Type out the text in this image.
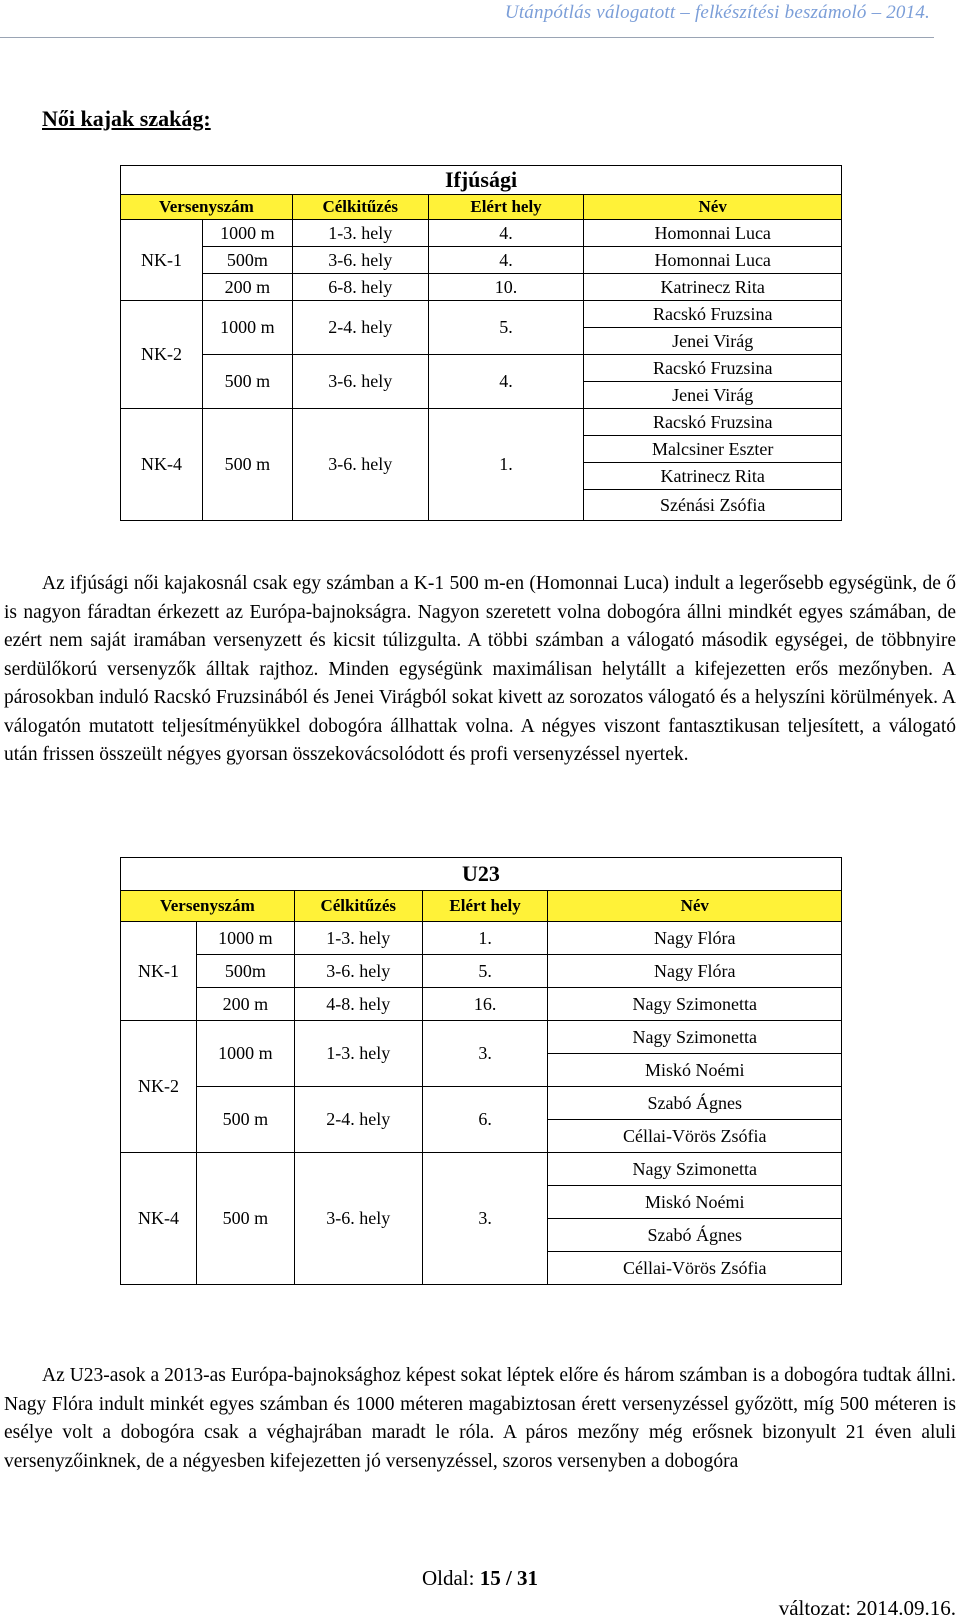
Utánpótlás válogatott – felkészítési beszámoló – 2014.
Női kajak szakág:
Ifjúsági				
Versenyszám		Célkitűzés	Elért hely	Név
NK-1	1000 m	1-3. hely	4.	Homonnai Luca
	500m	3-6. hely	4.	Homonnai Luca
	200 m	6-8. hely	10.	Katrinecz Rita
NK-2	1000 m	2-4. hely	5.	Racskó Fruzsina
				Jenei Virág
	500 m	3-6. hely	4.	Racskó Fruzsina
				Jenei Virág
NK-4	500 m	3-6. hely	1.	Racskó Fruzsina
				Malcsiner Eszter
				Katrinecz Rita
				Szénási Zsófia

Az ifjúsági női kajakosnál csak egy számban a K-1 500 m-en (Homonnai Luca) indult a legerősebb egységünk, de ő is nagyon fáradtan érkezett az Európa-bajnokságra. Nagyon szeretett volna dobogóra állni mindkét egyes számában, de ezért nem saját iramában versenyzett és kicsit túlizgulta. A többi számban a válogató második egységei, de többnyire serdülőkorú versenyzők álltak rajthoz. Minden egységünk maximálisan helytállt a kifejezetten erős mezőnyben. A párosokban induló Racskó Fruzsinából és Jenei Virágból sokat kivett az sorozatos válogató és a helyszíni körülmények. A válogatón mutatott teljesítményükkel dobogóra állhattak volna. A négyes viszont fantasztikusan teljesített, a válogató után frissen összeült négyes gyorsan összekovácsolódott és profi versenyzéssel nyertek.

U23				
Versenyszám		Célkitűzés	Elért hely	Név
NK-1	1000 m	1-3. hely	1.	Nagy Flóra
	500m	3-6. hely	5.	Nagy Flóra
	200 m	4-8. hely	16.	Nagy Szimonetta
NK-2	1000 m	1-3. hely	3.	Nagy Szimonetta
				Miskó Noémi
	500 m	2-4. hely	6.	Szabó Ágnes
				Céllai-Vörös Zsófia
NK-4	500 m	3-6. hely	3.	Nagy Szimonetta
				Miskó Noémi
				Szabó Ágnes
				Céllai-Vörös Zsófia

Az U23-asok a 2013-as Európa-bajnoksághoz képest sokat léptek előre és három számban is a dobogóra tudtak állni. Nagy Flóra indult minkét egyes számban és 1000 méteren magabiztosan érett versenyzéssel győzött, míg 500 méteren is esélye volt a dobogóra csak a véghajrában maradt le róla. A páros mezőny még erősnek bizonyult 21 éven aluli versenyzőinknek, de a négyesben kifejezetten jó versenyzéssel, szoros versenyben a dobogóra

Oldal: 15 / 31
változat: 2014.09.16.
